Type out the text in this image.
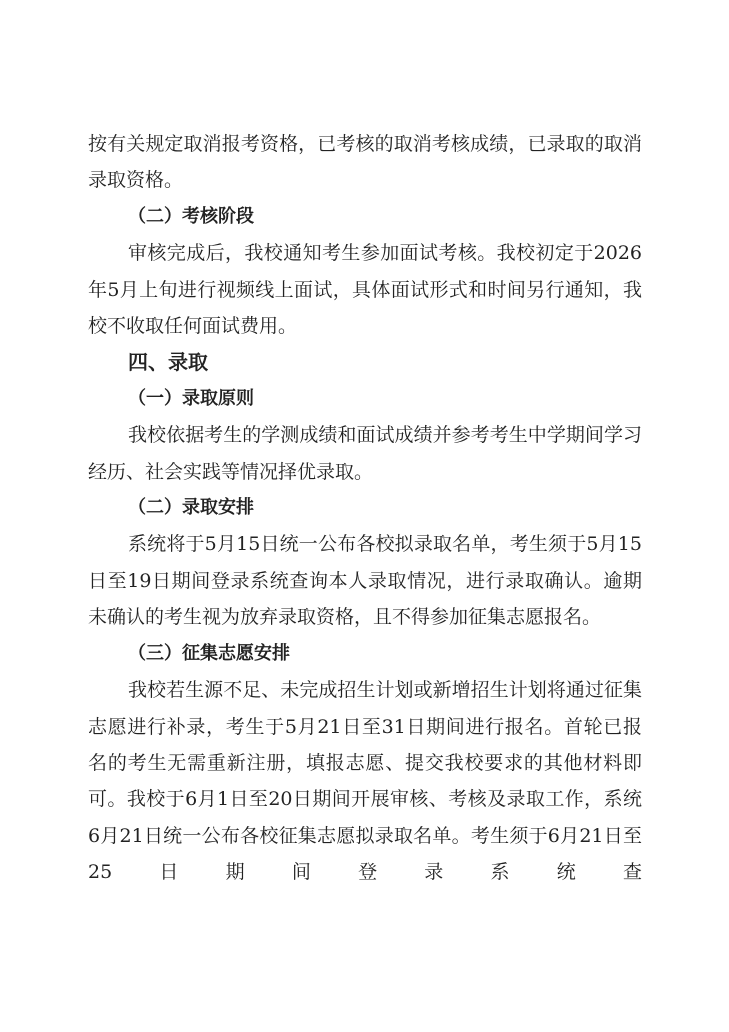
按有关规定取消报考资格，已考核的取消考核成绩，已录取的取消录取资格。

（二）考核阶段

审核完成后，我校通知考生参加面试考核。我校初定于2026年5月上旬进行视频线上面试，具体面试形式和时间另行通知，我校不收取任何面试费用。

四、录取

（一）录取原则

我校依据考生的学测成绩和面试成绩并参考考生中学期间学习经历、社会实践等情况择优录取。

（二）录取安排

系统将于5月15日统一公布各校拟录取名单，考生须于5月15日至19日期间登录系统查询本人录取情况，进行录取确认。逾期未确认的考生视为放弃录取资格，且不得参加征集志愿报名。

（三）征集志愿安排

我校若生源不足、未完成招生计划或新增招生计划将通过征集志愿进行补录，考生于5月21日至31日期间进行报名。首轮已报名的考生无需重新注册，填报志愿、提交我校要求的其他材料即可。我校于6月1日至20日期间开展审核、考核及录取工作，系统6月21日统一公布各校征集志愿拟录取名单。考生须于6月21日至25日期间登录系统查
